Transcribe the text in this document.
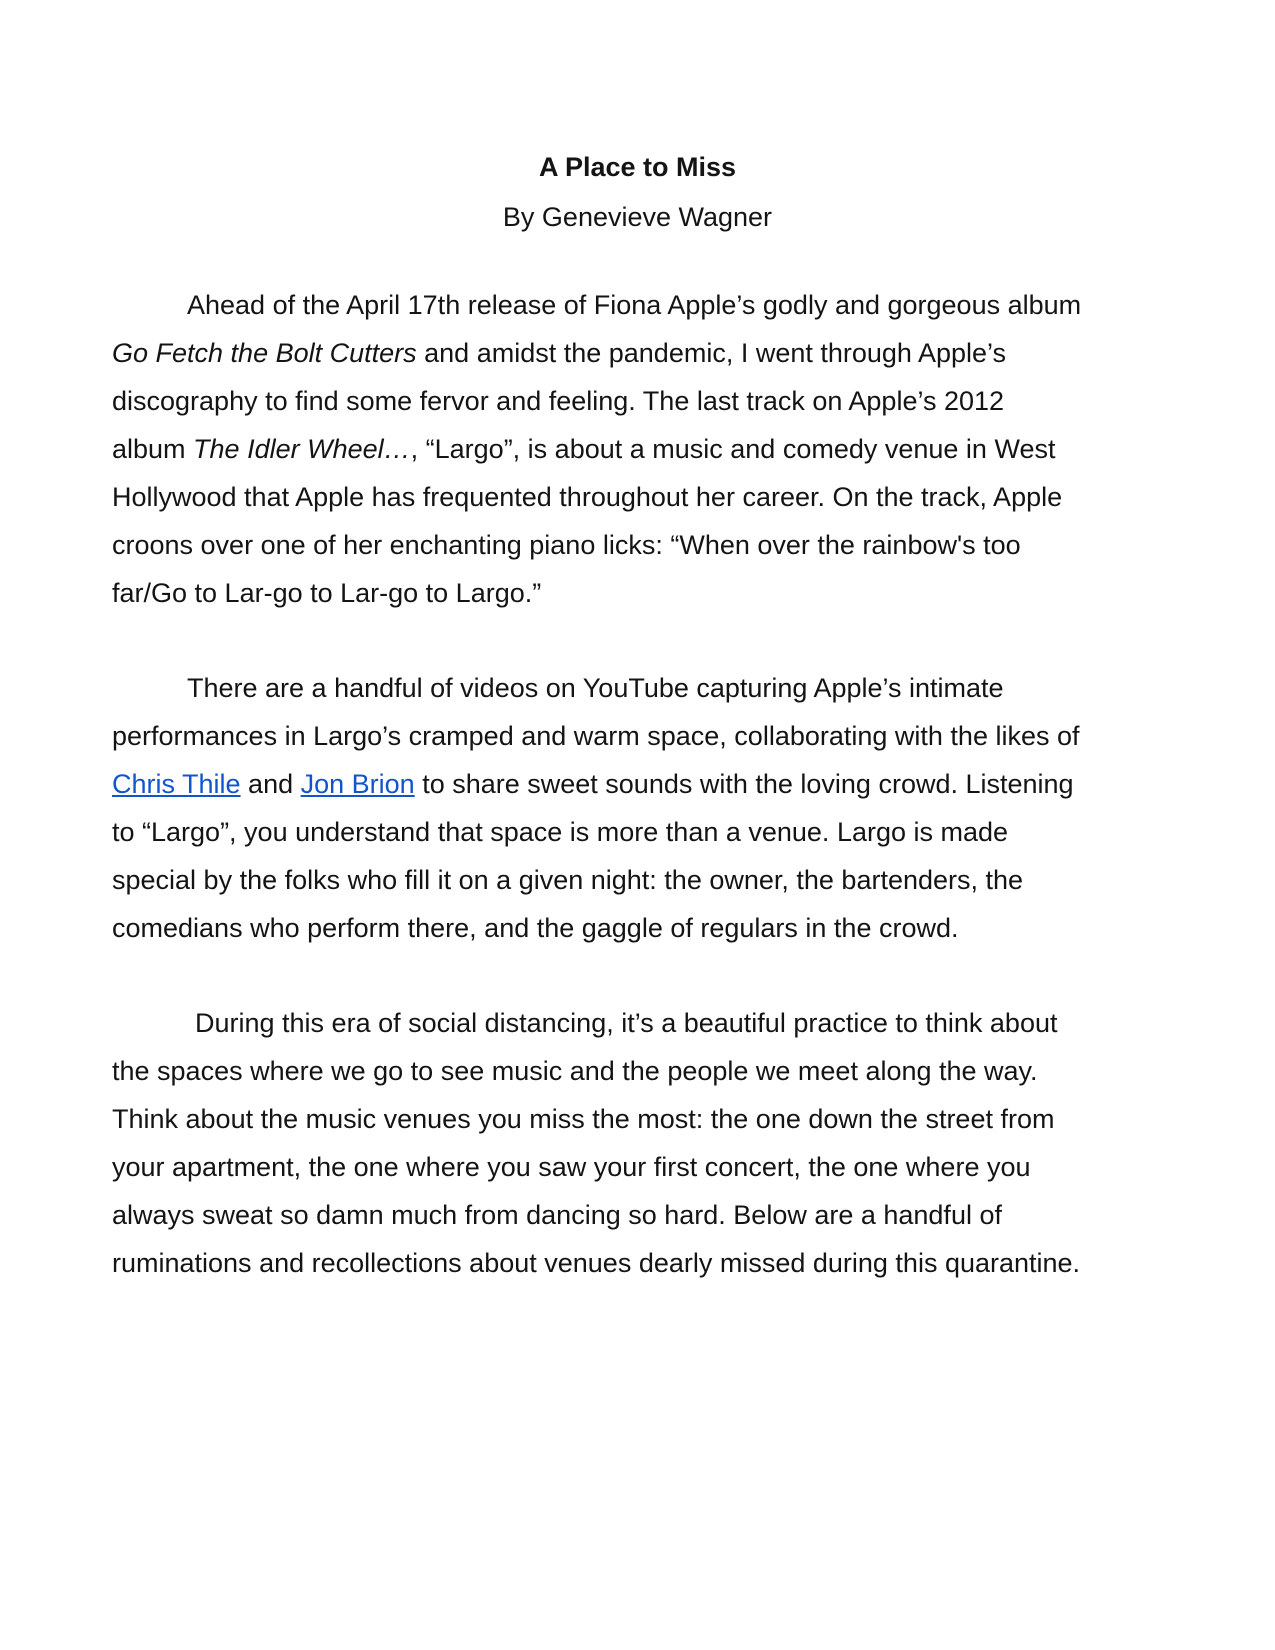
A Place to Miss

By Genevieve Wagner

Ahead of the April 17th release of Fiona Apple’s godly and gorgeous album

Go Fetch the Bolt Cutters and amidst the pandemic, I went through Apple’s

discography to find some fervor and feeling. The last track on Apple’s 2012

album The Idler Wheel…, “Largo”, is about a music and comedy venue in West

Hollywood that Apple has frequented throughout her career. On the track, Apple

croons over one of her enchanting piano licks: “When over the rainbow's too

far/Go to Lar-go to Lar-go to Largo.”

There are a handful of videos on YouTube capturing Apple’s intimate

performances in Largo’s cramped and warm space, collaborating with the likes of

Chris Thile and Jon Brion to share sweet sounds with the loving crowd. Listening

to “Largo”, you understand that space is more than a venue. Largo is made

special by the folks who fill it on a given night: the owner, the bartenders, the

comedians who perform there, and the gaggle of regulars in the crowd.

During this era of social distancing, it’s a beautiful practice to think about

the spaces where we go to see music and the people we meet along the way.

Think about the music venues you miss the most: the one down the street from

your apartment, the one where you saw your first concert, the one where you

always sweat so damn much from dancing so hard. Below are a handful of

ruminations and recollections about venues dearly missed during this quarantine.
